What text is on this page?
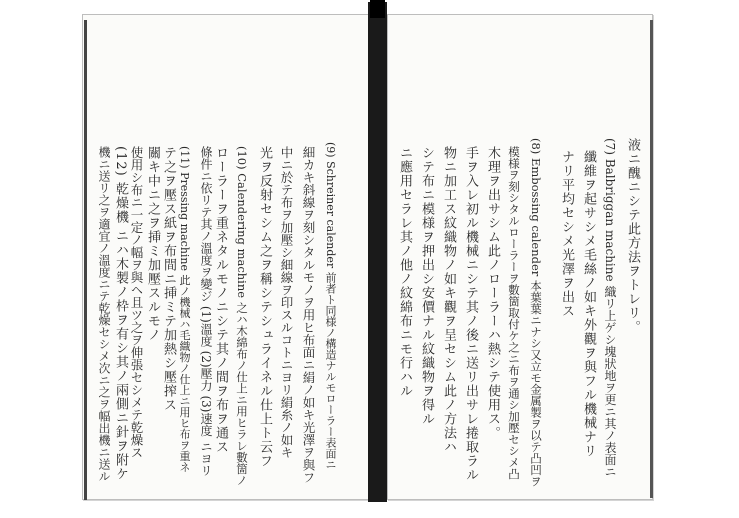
液ニ醜ニシテ此方法ヲトレリ。
(7) Balbriggan machine 織リ上ゲシ塊狀地ヲ更ニ其ノ表面ニ
纖維ヲ起サシメ毛絲ノ如キ外觀ヲ與フル機械ナリ
ナリ平均セシメ光澤ヲ出ス
(8) Embossing calender 本葉葉ニナシ又立モ金属製ヲ以テ凸凹ヲ
模様ヲ刻シタルローラーヲ數箇取付ケ之ニ布ヲ通シ加壓セシメ凸
木理ヲ出サシム此ノローラーハ熱シテ使用ス。
手ヲ入レ初ル機械ニシテ其ノ後ニ送リ出サレ捲取ラル
物ニ加工ス紋織物ノ如キ觀ヲ呈セシム此ノ方法ハ
シテ布ニ模様ヲ押出シ安價ナル紋織物ヲ得ル
ニ應用セラレ其ノ他ノ紋綿布ニモ行ハル
(9) Schreiner calender 前者ト同様ノ構造ナルモローラー表面ニ
細カキ斜線ヲ刻シタルモノヲ用ヒ布面ニ絹ノ如キ光澤ヲ與フ
中ニ於テ布ヲ加壓シ細線ヲ印スルコトニヨリ絹糸ノ如キ
光ヲ反射セシム之ヲ稱シテシュライネル仕上ト云フ
(10) Calendering machine 之ハ木綿布ノ仕上ニ用ヒラレ數箇ノ
ローラーヲ重ネタルモノニシテ其ノ間ヲ布ヲ通ス
條件ニ依リテ其ノ溫度ヲ變ジ (1)溫度 (2)壓力 (3)速度 ニヨリ
(11) Pressing machine 此ノ機械ハ毛織物ノ仕上ニ用ヒ布ヲ重ネ
テ之ヲ壓ス紙ヲ布間ニ挿ミテ加熱シ壓搾ス
關キ中ニ之ヲ挿ミ加壓スルモノ
使用シ布ニ一定ノ幅ヲ與ヘ且ツ之ヲ伸張セシメテ乾燥ス
(12) 乾燥機 ニハ木製ノ枠ヲ有シ其ノ兩側ニ針ヲ附ケ
機ニ送リ之ヲ適宜ノ溫度ニテ乾燥セシメ次ニ之ヲ幅出機ニ送ル
